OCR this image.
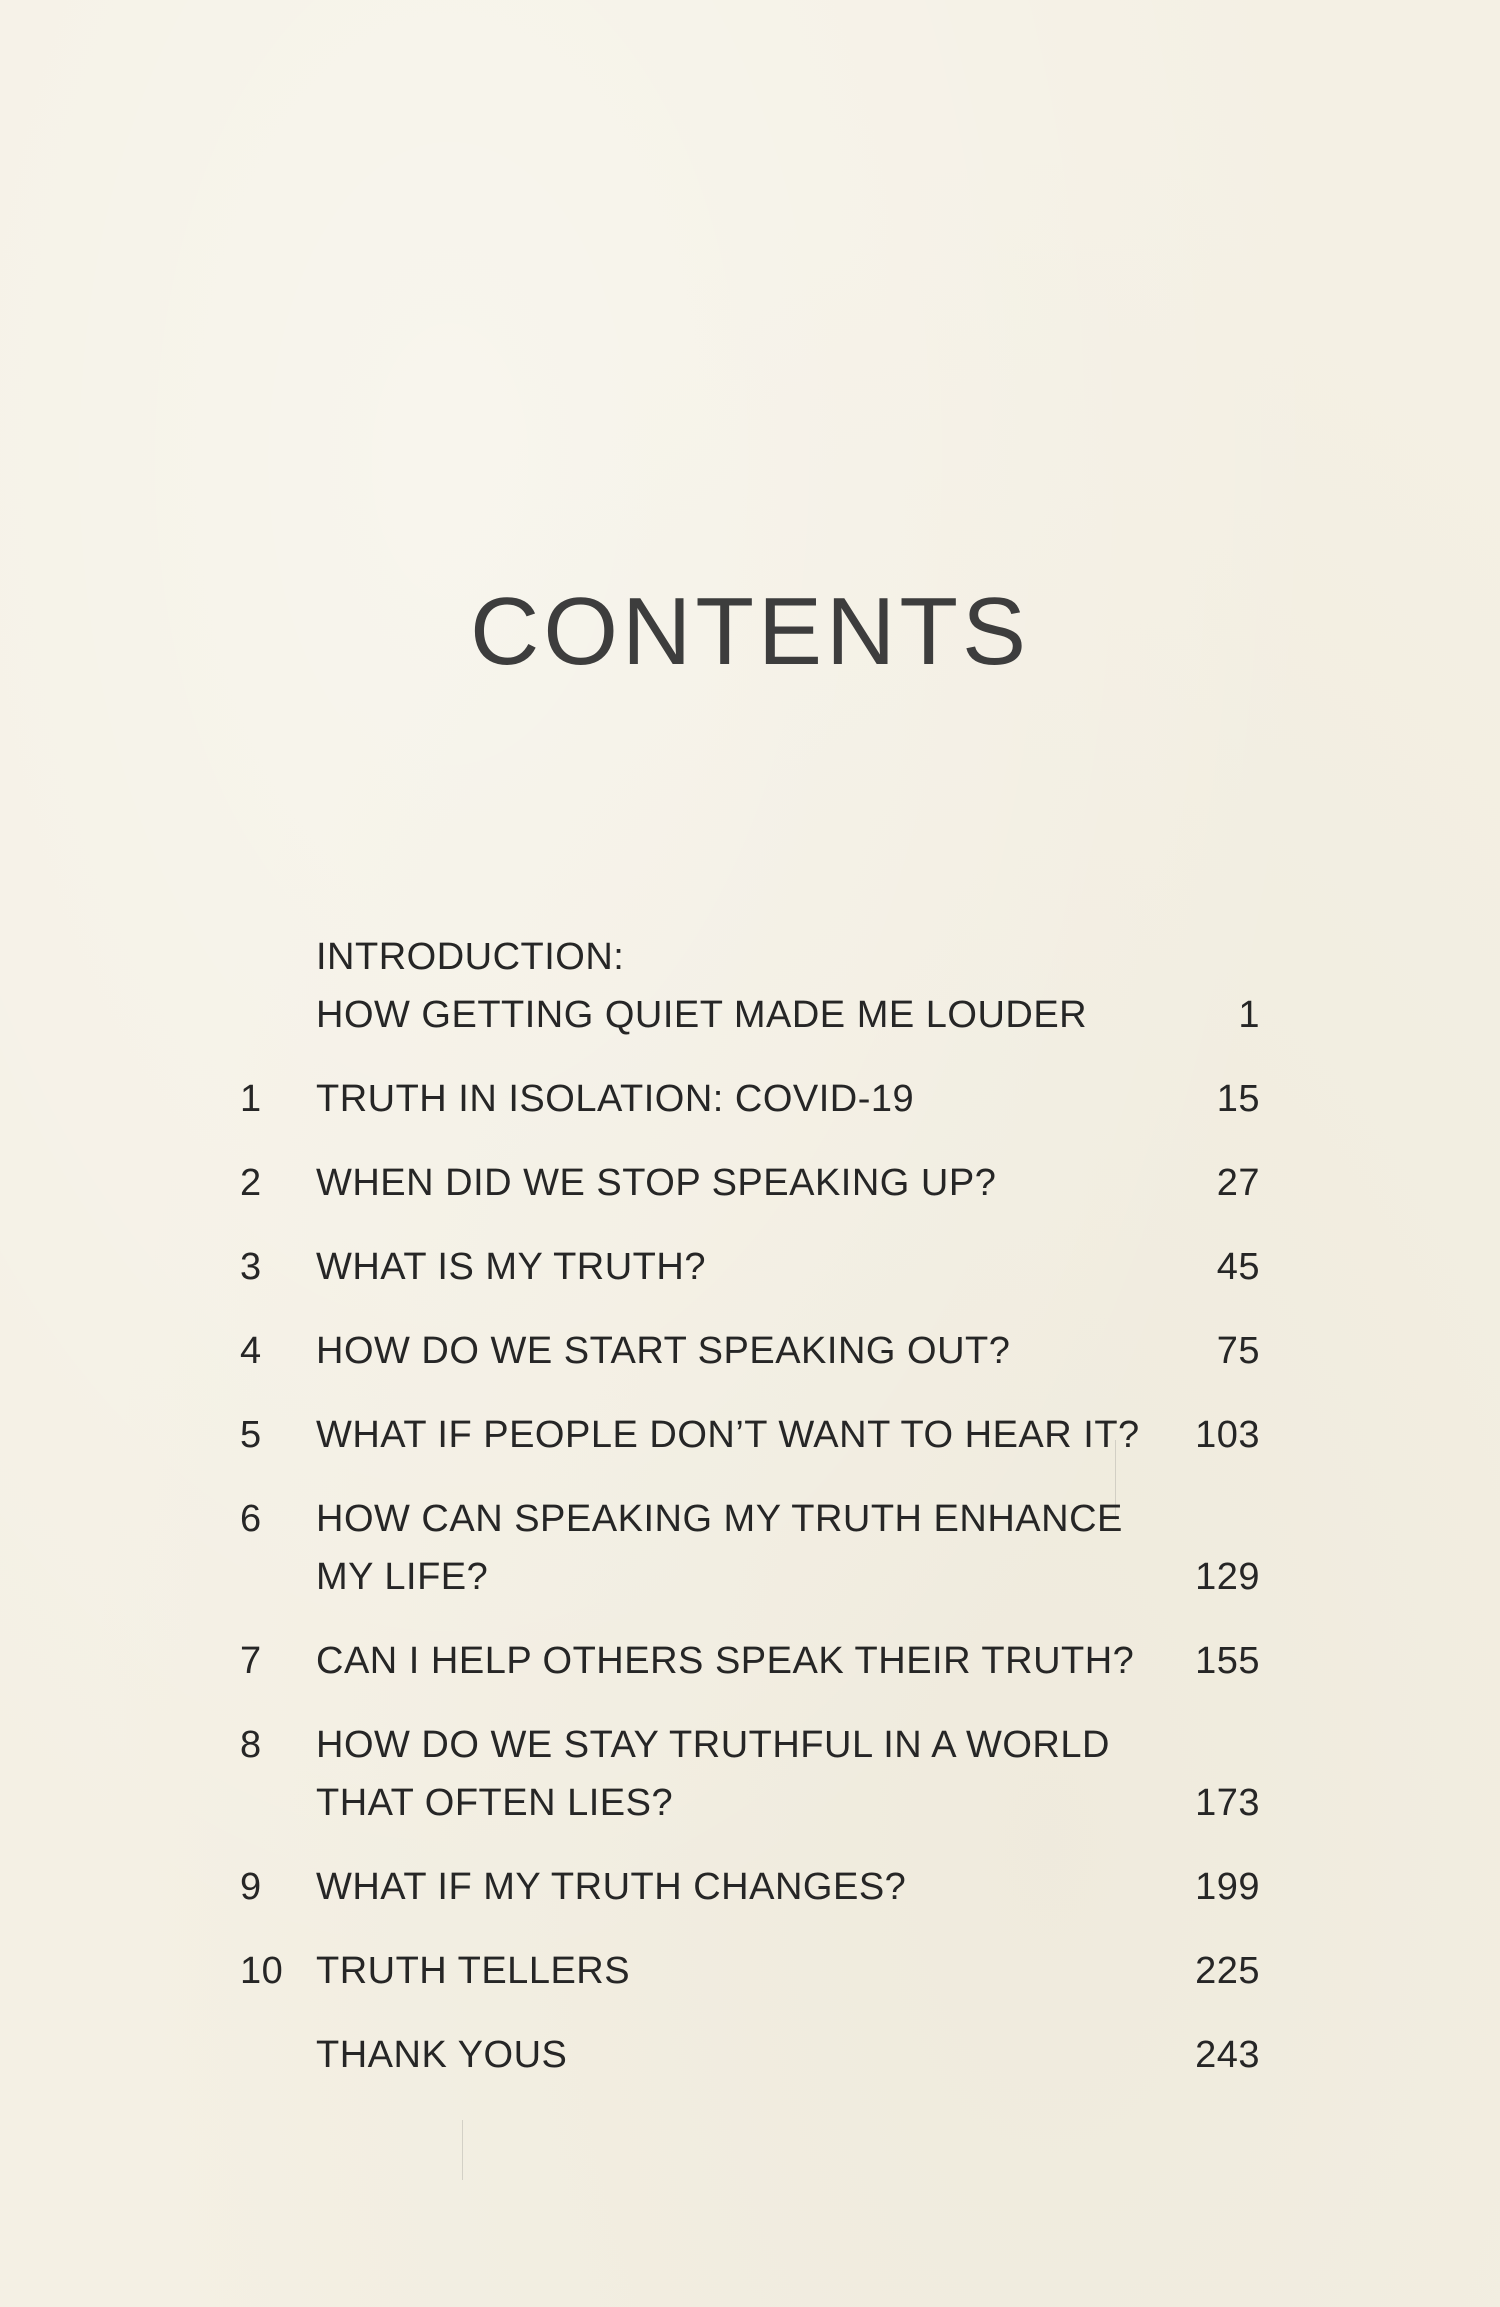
CONTENTS
INTRODUCTION:
HOW GETTING QUIET MADE ME LOUDER	1
1	TRUTH IN ISOLATION: COVID-19	15
2	WHEN DID WE STOP SPEAKING UP?	27
3	WHAT IS MY TRUTH?	45
4	HOW DO WE START SPEAKING OUT?	75
5	WHAT IF PEOPLE DON’T WANT TO HEAR IT?	103
6	HOW CAN SPEAKING MY TRUTH ENHANCE
MY LIFE?	129
7	CAN I HELP OTHERS SPEAK THEIR TRUTH?	155
8	HOW DO WE STAY TRUTHFUL IN A WORLD
THAT OFTEN LIES?	173
9	WHAT IF MY TRUTH CHANGES?	199
10 TRUTH TELLERS	225
THANK YOUS	243
